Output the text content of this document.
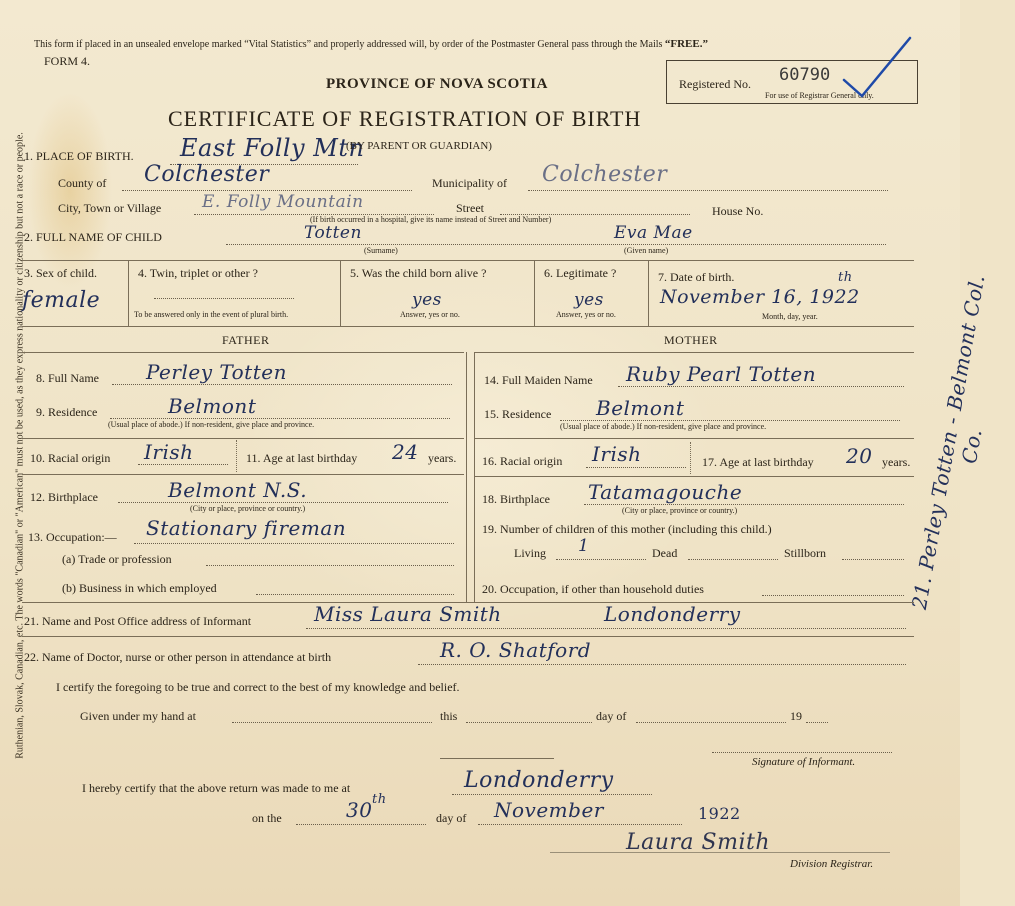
Ruthenian, Slovak, Canadian, etc. The words "Canadian" or "American" must not be used, as they express nationality or citizenship but not a race or people.	21. Perley Totten - Belmont Col. Co.
This form if placed in an unsealed envelope marked “Vital Statistics” and properly addressed will, by order of the Postmaster General pass through the Mails “FREE.”
FORM 4.
PROVINCE OF NOVA SCOTIA
CERTIFICATE OF REGISTRATION OF BIRTH
Registered No. 60790
For use of Registrar General only.
1. PLACE OF BIRTH. East Folly Mtn
(BY PARENT OR GUARDIAN)
County of Colchester	Municipality of Colchester
City, Town or Village E. Folly Mountain	Street	House No.
(If birth occurred in a hospital, give its name instead of Street and Number)
2. FULL NAME OF CHILD	Totten	Eva Mae
(Surname)	(Given name)
3. Sex of child.
female
4. Twin, triplet or other ?
To be answered only in the event of plural birth.
5. Was the child born alive ?
yes
Answer, yes or no.
6. Legitimate ?
yes
Answer, yes or no.
7. Date of birth.
November 16, 1922
th
Month, day, year.
FATHER	MOTHER
8. Full Name Perley Totten
9. Residence	Belmont
(Usual place of abode.) If non-resident, give place and province.
10. Racial origin Irish	11. Age at last birthday 24 years.
12. Birthplace	Belmont N.S.
(City or place, province or country.)
13. Occupation:— Stationary fireman
(a) Trade or profession
(b) Business in which employed
14. Full Maiden Name Ruby Pearl Totten
15. Residence Belmont
(Usual place of abode.) If non-resident, give place and province.
16. Racial origin Irish	17. Age at last birthday 20 years.
18. Birthplace Tatamagouche
(City or place, province or country.)
19. Number of children of this mother (including this child.)
Living 1	Dead	Stillborn
20. Occupation, if other than household duties
21. Name and Post Office address of Informant	Miss Laura Smith	Londonderry
22. Name of Doctor, nurse or other person in attendance at birth	R. O. Shatford
I certify the foregoing to be true and correct to the best of my knowledge and belief.
Given under my hand at	this	day of	19
Signature of Informant.
I hereby certify that the above return was made to me at	Londonderry
on the	30 th
day of November	1922
Laura Smith
Division Registrar.
